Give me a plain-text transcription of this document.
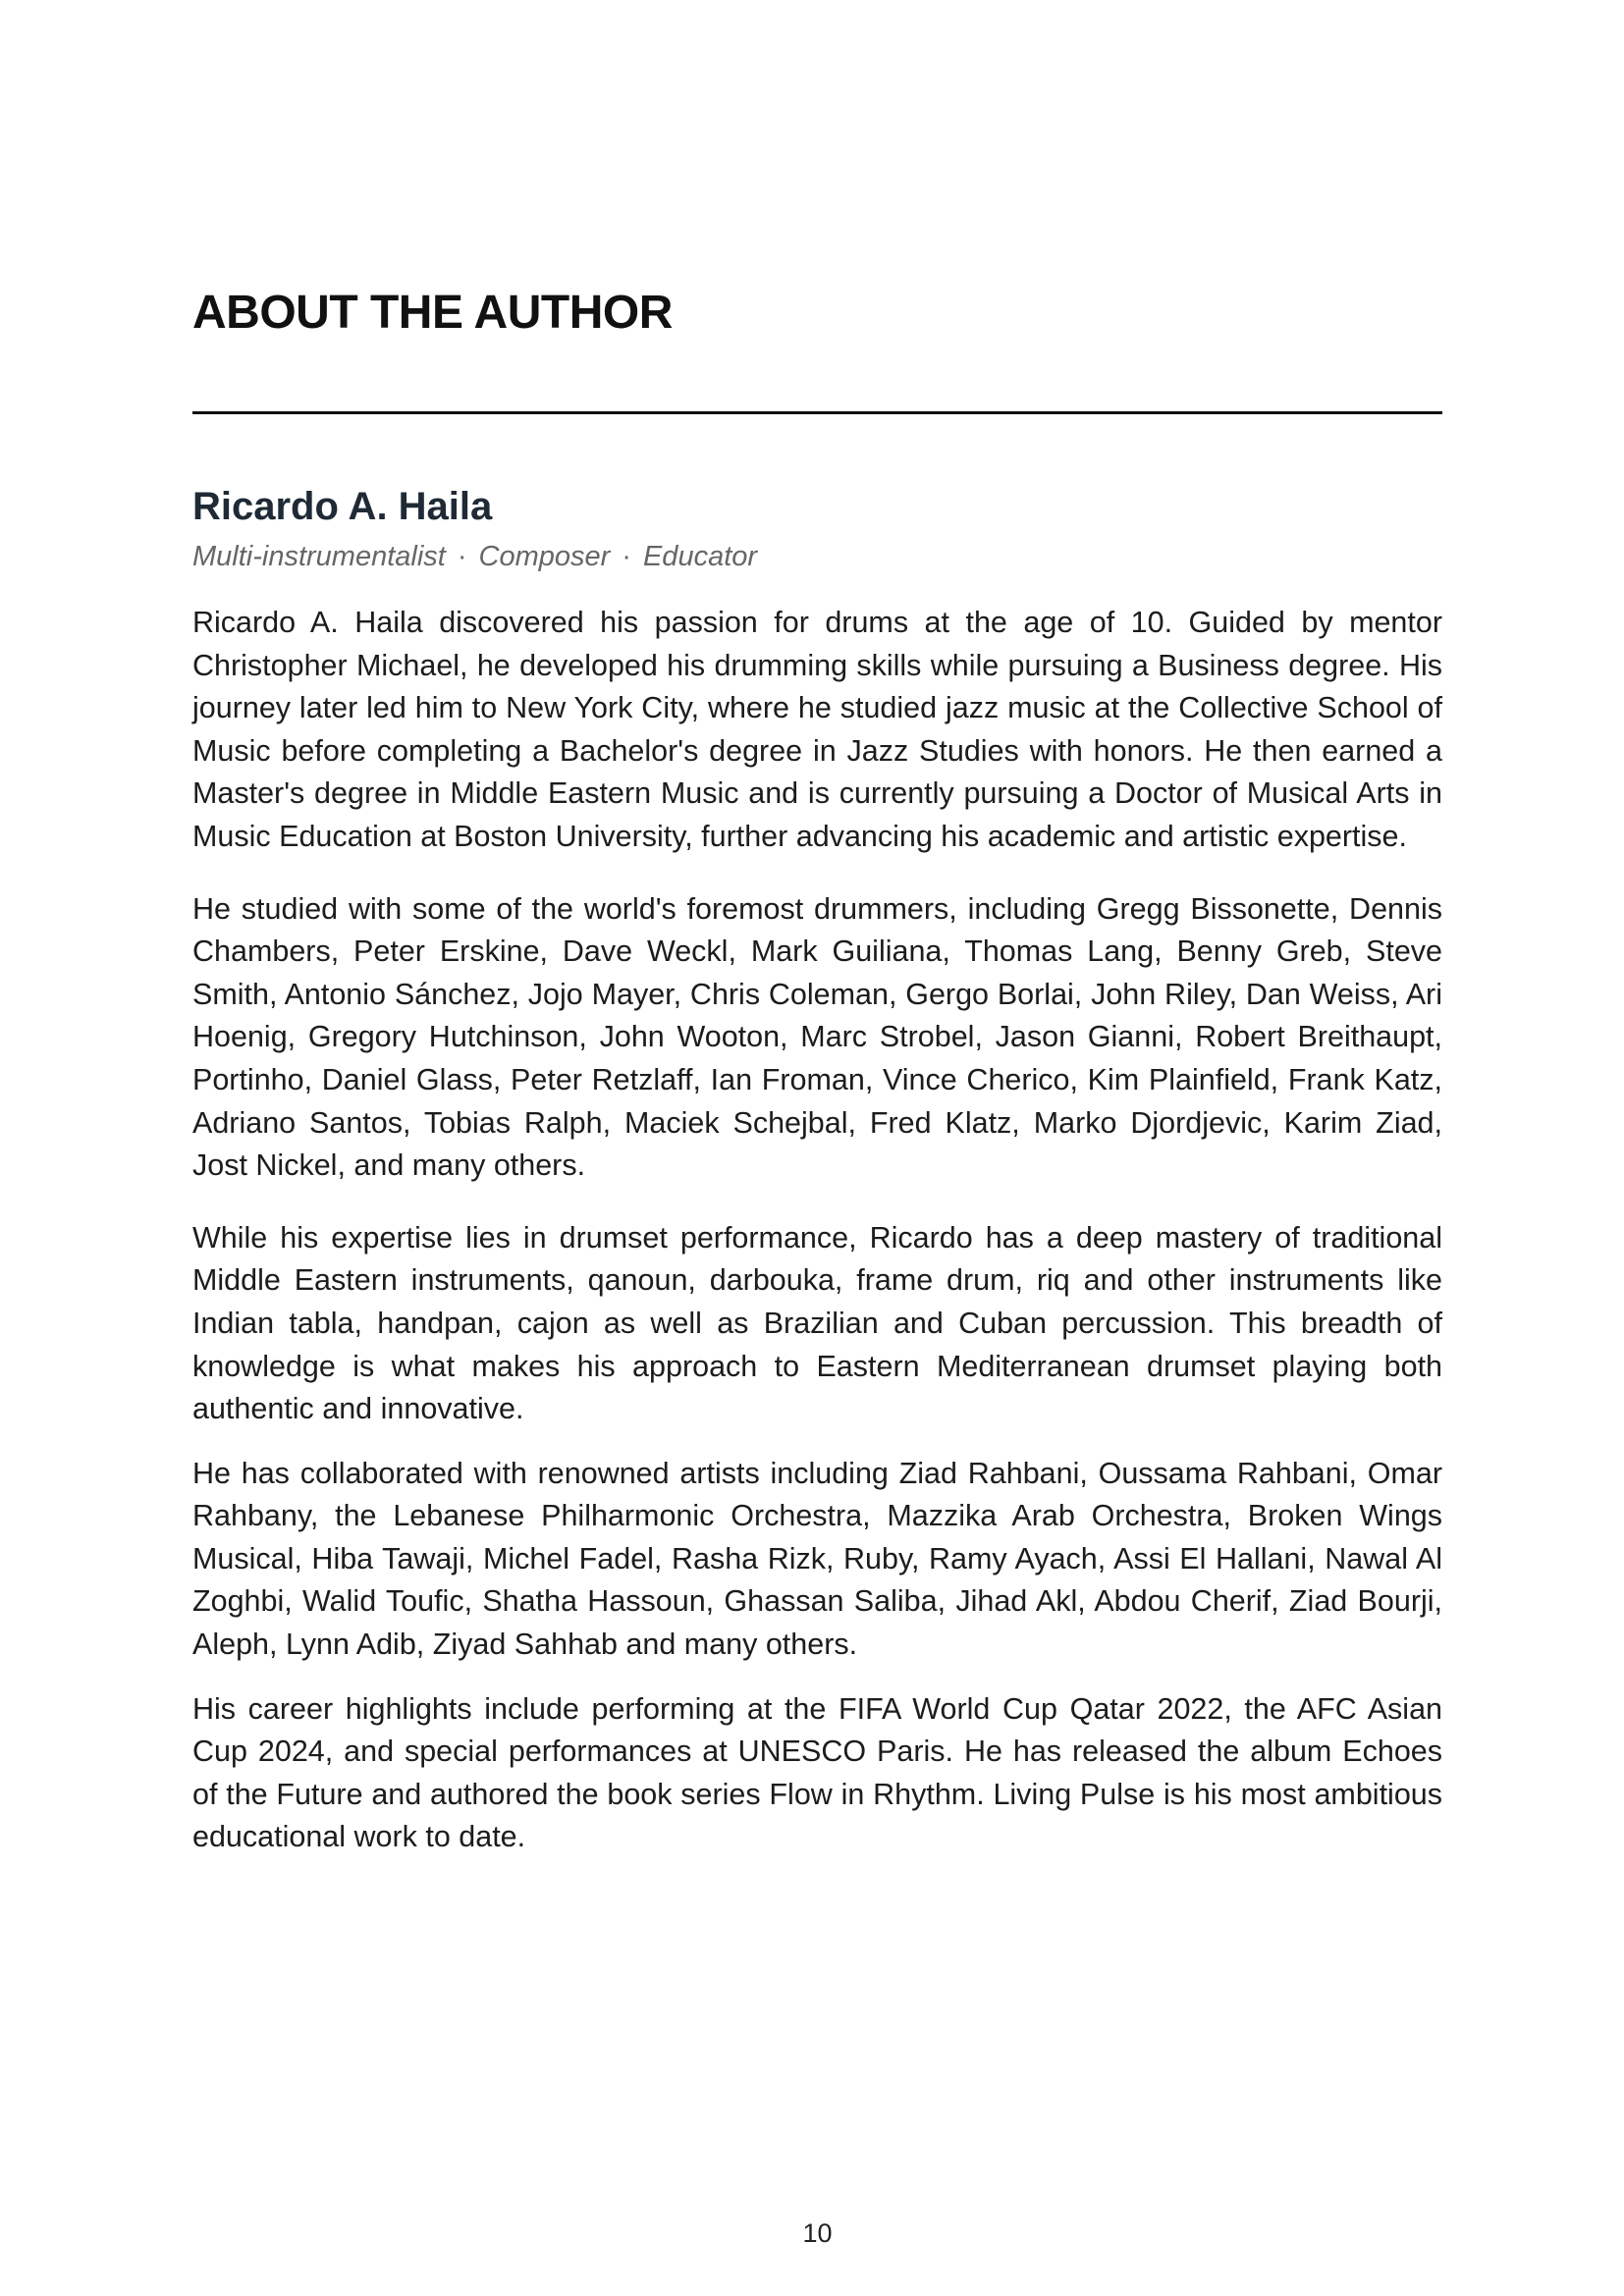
ABOUT THE AUTHOR
Ricardo A. Haila
Multi-instrumentalist · Composer · Educator

Ricardo A. Haila discovered his passion for drums at the age of 10. Guided by mentor Christopher Michael, he developed his drumming skills while pursuing a Business degree. His journey later led him to New York City, where he studied jazz music at the Collective School of Music before completing a Bachelor's degree in Jazz Studies with honors. He then earned a Master's degree in Middle Eastern Music and is currently pursuing a Doctor of Musical Arts in Music Education at Boston University, further advancing his academic and artistic expertise.

He studied with some of the world's foremost drummers, including Gregg Bissonette, Dennis Chambers, Peter Erskine, Dave Weckl, Mark Guiliana, Thomas Lang, Benny Greb, Steve Smith, Antonio Sánchez, Jojo Mayer, Chris Coleman, Gergo Borlai, John Riley, Dan Weiss, Ari Hoenig, Gregory Hutchinson, John Wooton, Marc Strobel, Jason Gianni, Robert Breithaupt, Portinho, Daniel Glass, Peter Retzlaff, Ian Froman, Vince Cherico, Kim Plainfield, Frank Katz, Adriano Santos, Tobias Ralph, Maciek Schejbal, Fred Klatz, Marko Djordjevic, Karim Ziad, Jost Nickel, and many others.

While his expertise lies in drumset performance, Ricardo has a deep mastery of traditional Middle Eastern instruments, qanoun, darbouka, frame drum, riq and other instruments like Indian tabla, handpan, cajon as well as Brazilian and Cuban percussion. This breadth of knowledge is what makes his approach to Eastern Mediterranean drumset playing both authentic and innovative.

He has collaborated with renowned artists including Ziad Rahbani, Oussama Rahbani, Omar Rahbany, the Lebanese Philharmonic Orchestra, Mazzika Arab Orchestra, Broken Wings Musical, Hiba Tawaji, Michel Fadel, Rasha Rizk, Ruby, Ramy Ayach, Assi El Hallani, Nawal Al Zoghbi, Walid Toufic, Shatha Hassoun, Ghassan Saliba, Jihad Akl, Abdou Cherif, Ziad Bourji, Aleph, Lynn Adib, Ziyad Sahhab and many others.

His career highlights include performing at the FIFA World Cup Qatar 2022, the AFC Asian Cup 2024, and special performances at UNESCO Paris. He has released the album Echoes of the Future and authored the book series Flow in Rhythm. Living Pulse is his most ambitious educational work to date.

10
